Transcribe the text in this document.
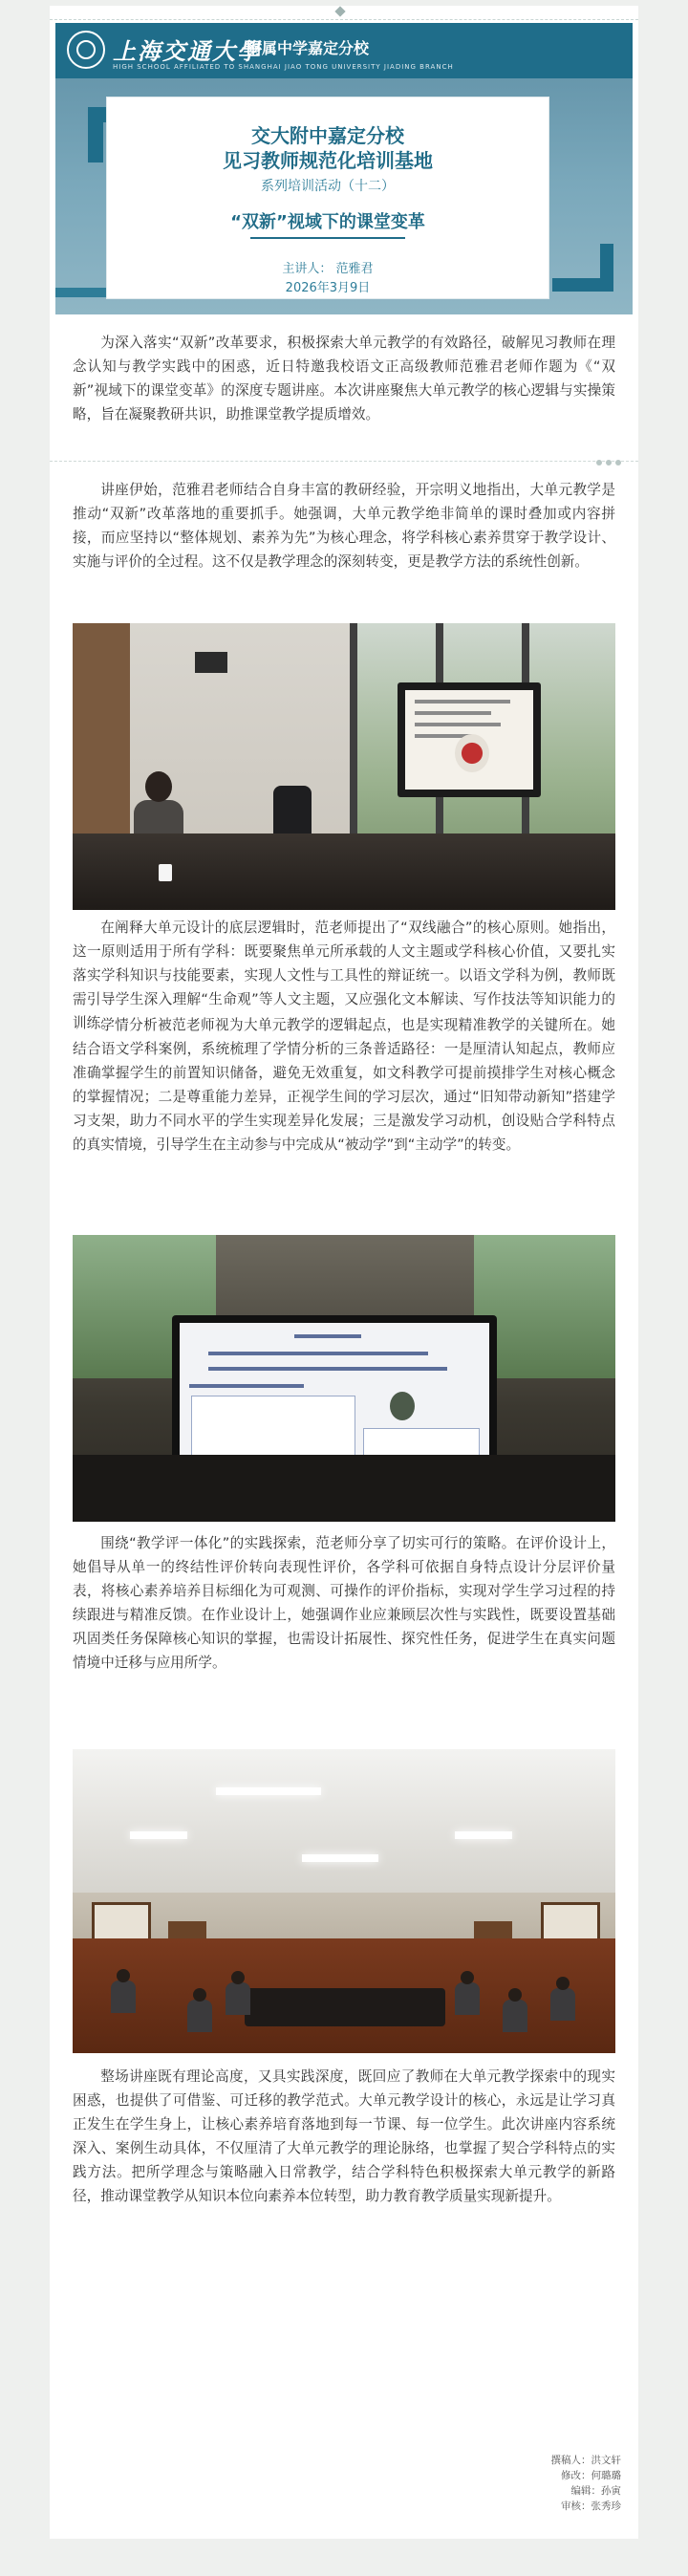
上海交通大學
附属中学嘉定分校
HIGH SCHOOL AFFILIATED TO SHANGHAI JIAO TONG UNIVERSITY JIADING BRANCH
交大附中嘉定分校
见习教师规范化培训基地
系列培训活动（十二）
“双新”视域下的课堂变革
主讲人： 范雅君
2026年3月9日

为深入落实“双新”改革要求，积极探索大单元教学的有效路径，破解见习教师在理念认知与教学实践中的困惑，近日特邀我校语文正高级教师范雅君老师作题为《“双新”视域下的课堂变革》的深度专题讲座。本次讲座聚焦大单元教学的核心逻辑与实操策略，旨在凝聚教研共识，助推课堂教学提质增效。

讲座伊始，范雅君老师结合自身丰富的教研经验，开宗明义地指出，大单元教学是推动“双新”改革落地的重要抓手。她强调，大单元教学绝非简单的课时叠加或内容拼接，而应坚持以“整体规划、素养为先”为核心理念，将学科核心素养贯穿于教学设计、实施与评价的全过程。这不仅是教学理念的深刻转变，更是教学方法的系统性创新。

在阐释大单元设计的底层逻辑时，范老师提出了“双线融合”的核心原则。她指出，这一原则适用于所有学科：既要聚焦单元所承载的人文主题或学科核心价值，又要扎实落实学科知识与技能要素，实现人文性与工具性的辩证统一。以语文学科为例，教师既需引导学生深入理解“生命观”等人文主题，又应强化文本解读、写作技法等知识能力的训练。

学情分析被范老师视为大单元教学的逻辑起点，也是实现精准教学的关键所在。她结合语文学科案例，系统梳理了学情分析的三条普适路径：一是厘清认知起点，教师应准确掌握学生的前置知识储备，避免无效重复，如文科教学可提前摸排学生对核心概念的掌握情况；二是尊重能力差异，正视学生间的学习层次，通过“旧知带动新知”搭建学习支架，助力不同水平的学生实现差异化发展；三是激发学习动机，创设贴合学科特点的真实情境，引导学生在主动参与中完成从“被动学”到“主动学”的转变。

围绕“教学评一体化”的实践探索，范老师分享了切实可行的策略。在评价设计上，她倡导从单一的终结性评价转向表现性评价，各学科可依据自身特点设计分层评价量表，将核心素养培养目标细化为可观测、可操作的评价指标，实现对学生学习过程的持续跟进与精准反馈。在作业设计上，她强调作业应兼顾层次性与实践性，既要设置基础巩固类任务保障核心知识的掌握，也需设计拓展性、探究性任务，促进学生在真实问题情境中迁移与应用所学。

整场讲座既有理论高度，又具实践深度，既回应了教师在大单元教学探索中的现实困惑，也提供了可借鉴、可迁移的教学范式。大单元教学设计的核心，永远是让学习真正发生在学生身上，让核心素养培育落地到每一节课、每一位学生。此次讲座内容系统深入、案例生动具体，不仅厘清了大单元教学的理论脉络，也掌握了契合学科特点的实践方法。把所学理念与策略融入日常教学，结合学科特色积极探索大单元教学的新路径，推动课堂教学从知识本位向素养本位转型，助力教育教学质量实现新提升。

撰稿人：洪文轩
修改：何璐璐
编辑：孙寅
审核：张秀珍
